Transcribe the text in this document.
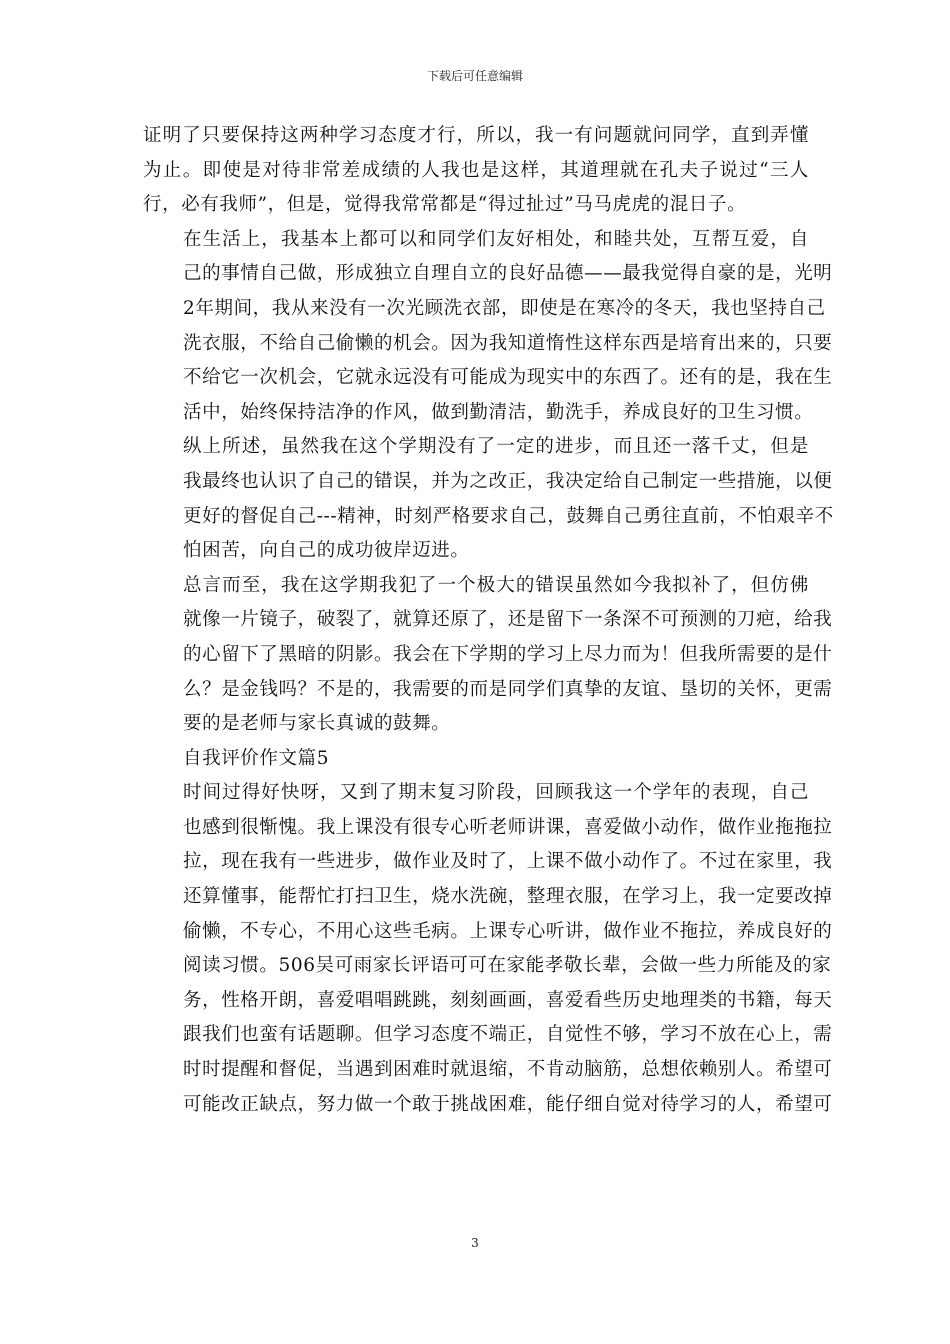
下载后可任意编辑
证明了只要保持这两种学习态度才行，所以，我一有问题就问同学，直到弄懂
为止。即使是对待非常差成绩的人我也是这样，其道理就在孔夫子说过“三人
行，必有我师”，但是，觉得我常常都是“得过扯过”马马虎虎的混日子。
在生活上，我基本上都可以和同学们友好相处，和睦共处，互帮互爱，自
己的事情自己做，形成独立自理自立的良好品德——最我觉得自豪的是，光明
2年期间，我从来没有一次光顾洗衣部，即使是在寒冷的冬天，我也坚持自己
洗衣服，不给自己偷懒的机会。因为我知道惰性这样东西是培育出来的，只要
不给它一次机会，它就永远没有可能成为现实中的东西了。还有的是，我在生
活中，始终保持洁净的作风，做到勤清洁，勤洗手，养成良好的卫生习惯。
纵上所述，虽然我在这个学期没有了一定的进步，而且还一落千丈，但是
我最终也认识了自己的错误，并为之改正，我决定给自己制定一些措施，以便
更好的督促自己---精神，时刻严格要求自己，鼓舞自己勇往直前，不怕艰辛不
怕困苦，向自己的成功彼岸迈进。
总言而至，我在这学期我犯了一个极大的错误虽然如今我拟补了，但仿佛
就像一片镜子，破裂了，就算还原了，还是留下一条深不可预测的刀疤，给我
的心留下了黑暗的阴影。我会在下学期的学习上尽力而为！但我所需要的是什
么？是金钱吗？不是的，我需要的而是同学们真挚的友谊、垦切的关怀，更需
要的是老师与家长真诚的鼓舞。
自我评价作文篇5
时间过得好快呀，又到了期末复习阶段，回顾我这一个学年的表现，自己
也感到很惭愧。我上课没有很专心听老师讲课，喜爱做小动作，做作业拖拖拉
拉，现在我有一些进步，做作业及时了，上课不做小动作了。不过在家里，我
还算懂事，能帮忙打扫卫生，烧水洗碗，整理衣服，在学习上，我一定要改掉
偷懒，不专心，不用心这些毛病。上课专心听讲，做作业不拖拉，养成良好的
阅读习惯。506吴可雨家长评语可可在家能孝敬长辈，会做一些力所能及的家
务，性格开朗，喜爱唱唱跳跳，刻刻画画，喜爱看些历史地理类的书籍，每天
跟我们也蛮有话题聊。但学习态度不端正，自觉性不够，学习不放在心上，需
时时提醒和督促，当遇到困难时就退缩，不肯动脑筋，总想依赖别人。希望可
可能改正缺点，努力做一个敢于挑战困难，能仔细自觉对待学习的人，希望可
3
